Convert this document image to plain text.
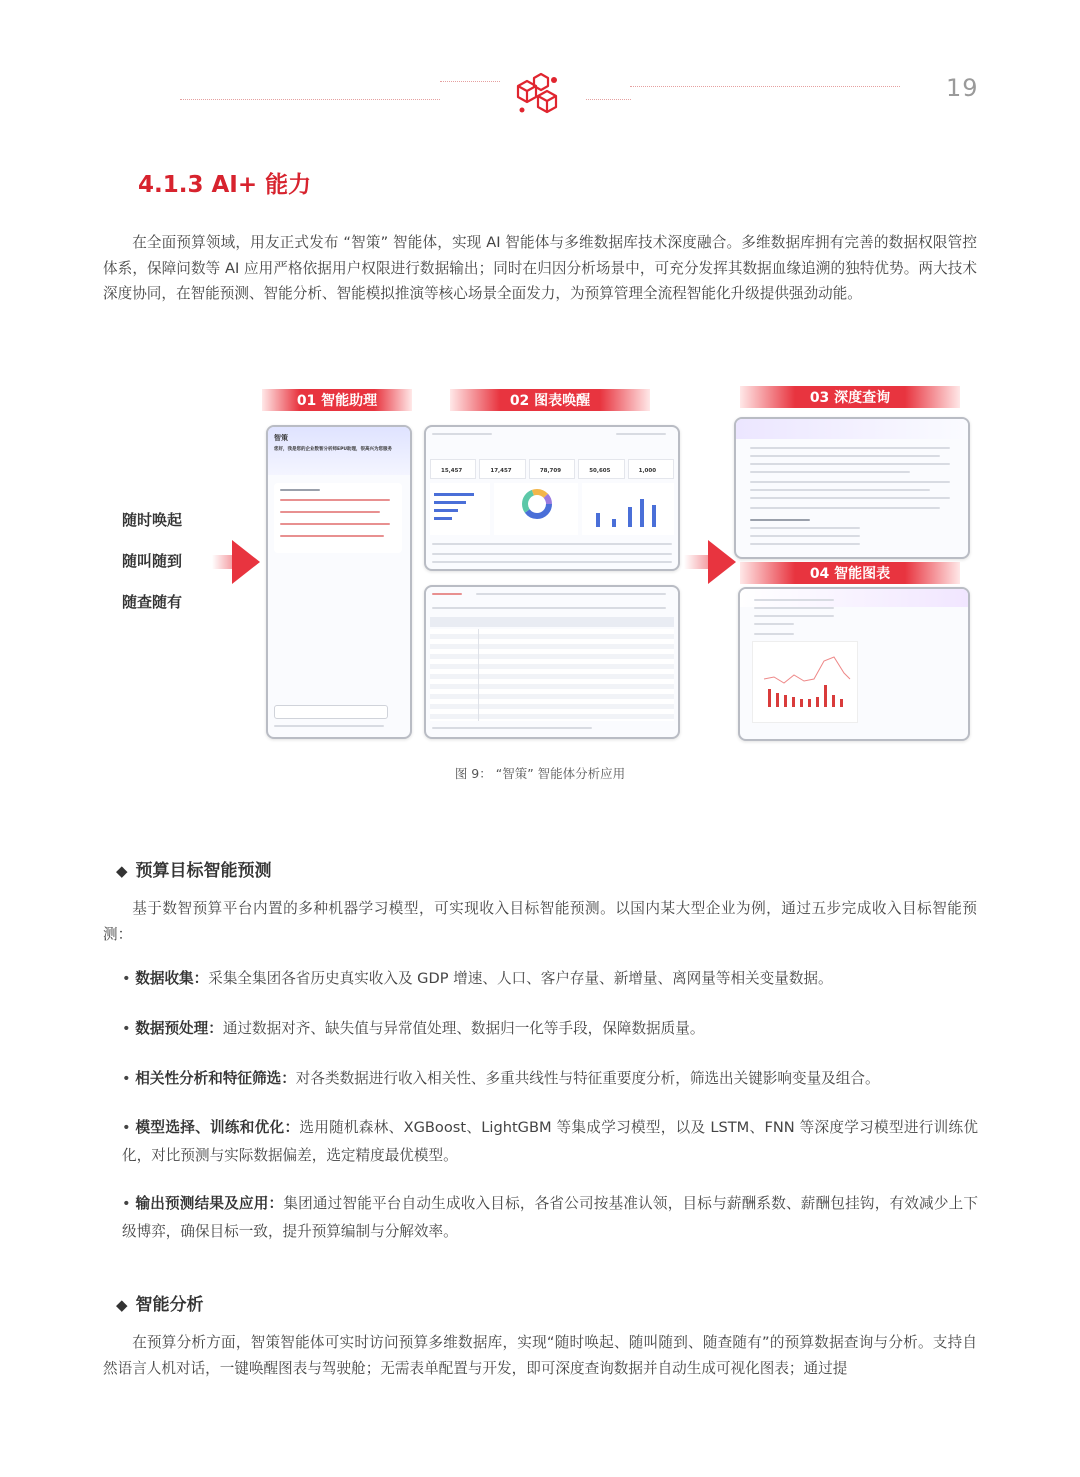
19
4.1.3 AI+ 能力

在全面预算领域，用友正式发布 “智策” 智能体，实现 AI 智能体与多维数据库技术深度融合。多维数据库拥有完善的数据权限管控体系，保障问数等 AI 应用严格依据用户权限进行数据输出；同时在归因分析场景中，可充分发挥其数据血缘追溯的独特优势。两大技术深度协同，在智能预测、智能分析、智能模拟推演等核心场景全面发力，为预算管理全流程智能化升级提供强劲动能。

随时唤起
随叫随到
随查随有
01 智能助理	02 图表唤醒	03 深度查询
04 智能图表
智策
您好，我是您的企业数智分析师EPU助理，很高兴为您服务
15,457	17,457	78,709	50,605	1,000
图 9： “智策” 智能体分析应用
◆ 预算目标智能预测

基于数智预算平台内置的多种机器学习模型，可实现收入目标智能预测。以国内某大型企业为例，通过五步完成收入目标智能预测：

• 数据收集：采集全集团各省历史真实收入及 GDP 增速、人口、客户存量、新增量、离网量等相关变量数据。

• 数据预处理：通过数据对齐、缺失值与异常值处理、数据归一化等手段，保障数据质量。

• 相关性分析和特征筛选：对各类数据进行收入相关性、多重共线性与特征重要度分析，筛选出关键影响变量及组合。

• 模型选择、训练和优化：选用随机森林、XGBoost、LightGBM 等集成学习模型，以及 LSTM、FNN 等深度学习模型进行训练优化，对比预测与实际数据偏差，选定精度最优模型。

• 输出预测结果及应用：集团通过智能平台自动生成收入目标，各省公司按基准认领，目标与薪酬系数、薪酬包挂钩，有效减少上下级博弈，确保目标一致，提升预算编制与分解效率。

◆ 智能分析

在预算分析方面，智策智能体可实时访问预算多维数据库，实现“随时唤起、随叫随到、随查随有”的预算数据查询与分析。支持自然语言人机对话，一键唤醒图表与驾驶舱；无需表单配置与开发，即可深度查询数据并自动生成可视化图表；通过提
